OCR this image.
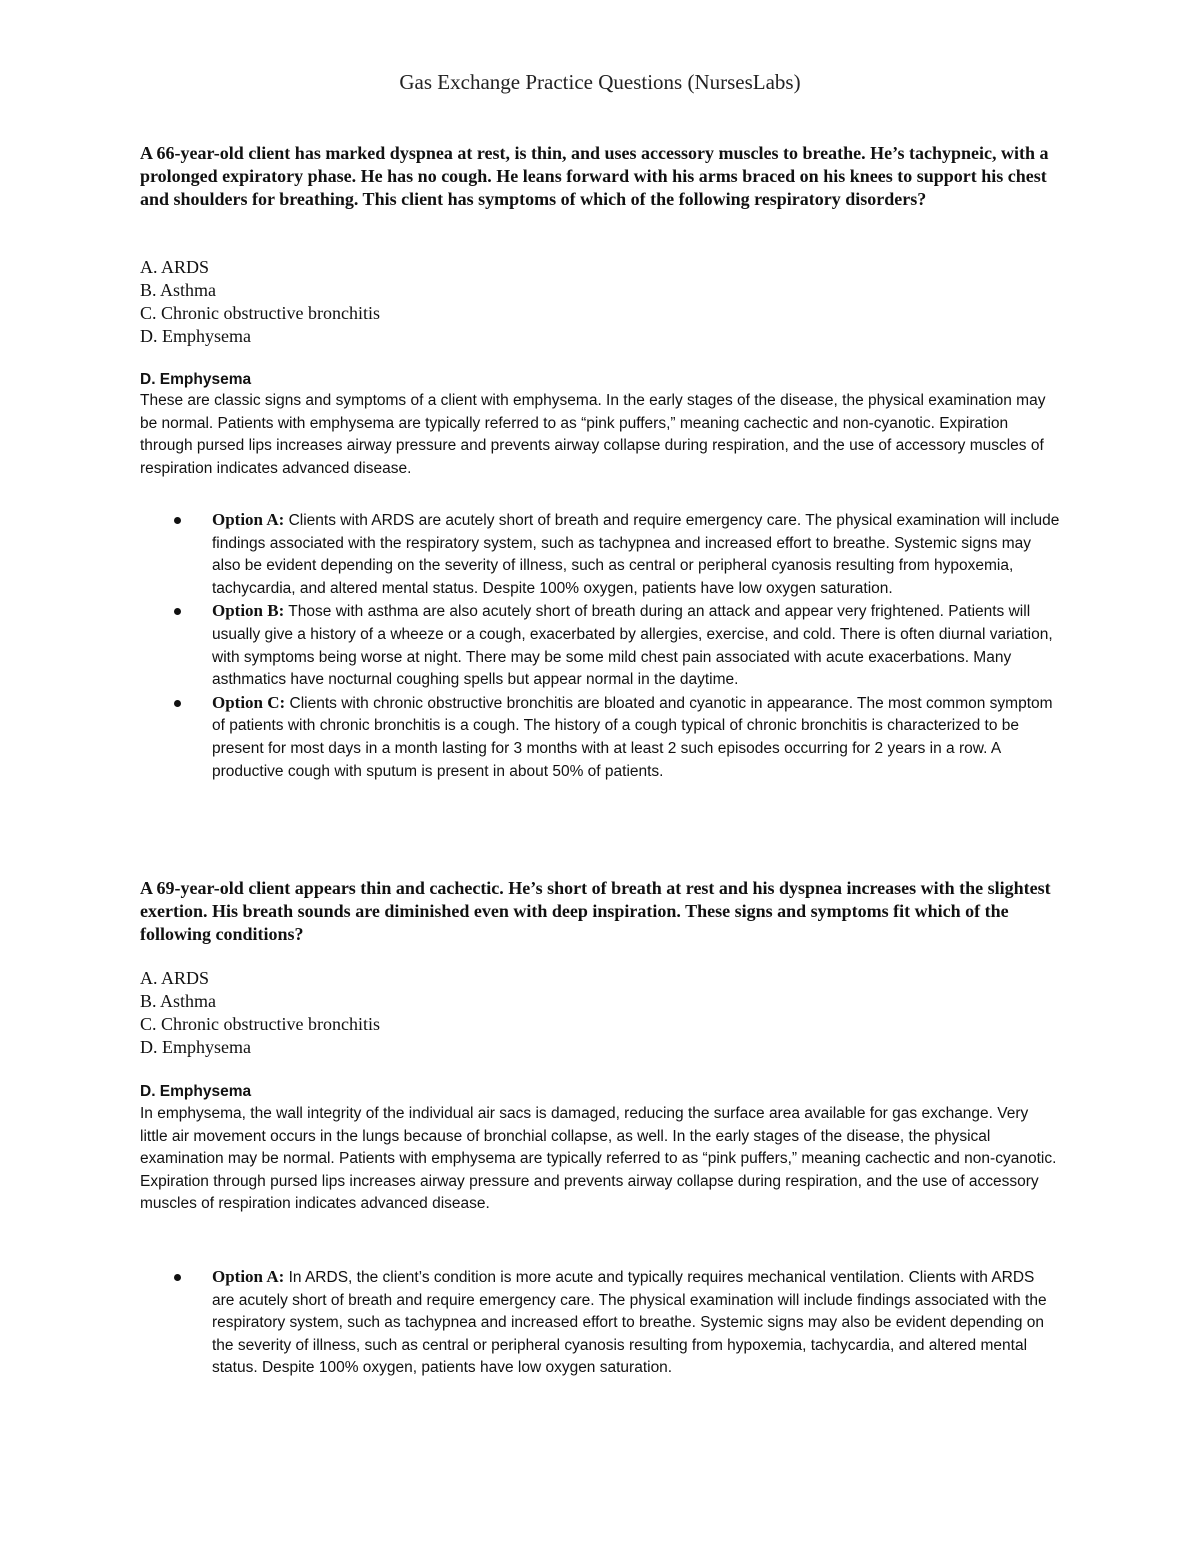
Gas Exchange Practice Questions (NursesLabs)
A 66-year-old client has marked dyspnea at rest, is thin, and uses accessory muscles to breathe. He’s tachypneic, with a prolonged expiratory phase. He has no cough. He leans forward with his arms braced on his knees to support his chest and shoulders for breathing. This client has symptoms of which of the following respiratory disorders?
A. ARDS
B. Asthma
C. Chronic obstructive bronchitis
D. Emphysema
D. Emphysema
These are classic signs and symptoms of a client with emphysema. In the early stages of the disease, the physical examination may be normal. Patients with emphysema are typically referred to as “pink puffers,” meaning cachectic and non-cyanotic. Expiration through pursed lips increases airway pressure and prevents airway collapse during respiration, and the use of accessory muscles of respiration indicates advanced disease.
Option A: Clients with ARDS are acutely short of breath and require emergency care. The physical examination will include findings associated with the respiratory system, such as tachypnea and increased effort to breathe. Systemic signs may also be evident depending on the severity of illness, such as central or peripheral cyanosis resulting from hypoxemia, tachycardia, and altered mental status. Despite 100% oxygen, patients have low oxygen saturation.
Option B: Those with asthma are also acutely short of breath during an attack and appear very frightened. Patients will usually give a history of a wheeze or a cough, exacerbated by allergies, exercise, and cold. There is often diurnal variation, with symptoms being worse at night. There may be some mild chest pain associated with acute exacerbations. Many asthmatics have nocturnal coughing spells but appear normal in the daytime.
Option C: Clients with chronic obstructive bronchitis are bloated and cyanotic in appearance. The most common symptom of patients with chronic bronchitis is a cough. The history of a cough typical of chronic bronchitis is characterized to be present for most days in a month lasting for 3 months with at least 2 such episodes occurring for 2 years in a row. A productive cough with sputum is present in about 50% of patients.
A 69-year-old client appears thin and cachectic. He’s short of breath at rest and his dyspnea increases with the slightest exertion. His breath sounds are diminished even with deep inspiration. These signs and symptoms fit which of the following conditions?
A. ARDS
B. Asthma
C. Chronic obstructive bronchitis
D. Emphysema
D. Emphysema
In emphysema, the wall integrity of the individual air sacs is damaged, reducing the surface area available for gas exchange. Very little air movement occurs in the lungs because of bronchial collapse, as well. In the early stages of the disease, the physical examination may be normal. Patients with emphysema are typically referred to as “pink puffers,” meaning cachectic and non-cyanotic. Expiration through pursed lips increases airway pressure and prevents airway collapse during respiration, and the use of accessory muscles of respiration indicates advanced disease.
Option A: In ARDS, the client’s condition is more acute and typically requires mechanical ventilation. Clients with ARDS are acutely short of breath and require emergency care. The physical examination will include findings associated with the respiratory system, such as tachypnea and increased effort to breathe. Systemic signs may also be evident depending on the severity of illness, such as central or peripheral cyanosis resulting from hypoxemia, tachycardia, and altered mental status. Despite 100% oxygen, patients have low oxygen saturation.
